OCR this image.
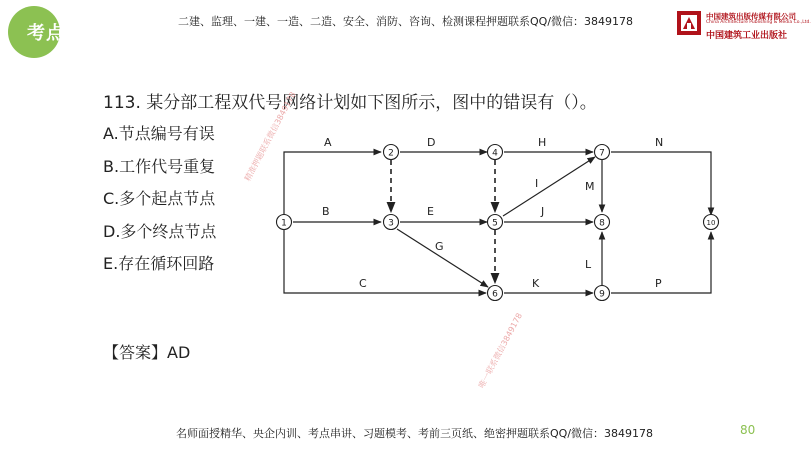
考点
二建、监理、一建、一造、二造、安全、消防、咨询、检测课程押题联系QQ/微信：3849178	中国建筑出版传媒有限公司
China Architecture Publishing & Media Co.,Ltd.
中国建筑工业出版社
113. 某分部工程双代号网络计划如下图所示，图中的错误有（）。
A.节点编号有误
B.工作代号重复
C.多个起点节点
D.多个终点节点
E.存在循环回路
A	D	H	N
B	E	J
I	M
G
C	K
L
P
1
2
3
4
5
6
7
8
9
10
精准押题联系微信3849178
唯一联系微信3849178
【答案】AD
名师面授精华、央企内训、考点串讲、习题模考、考前三页纸、绝密押题联系QQ/微信：3849178	80
